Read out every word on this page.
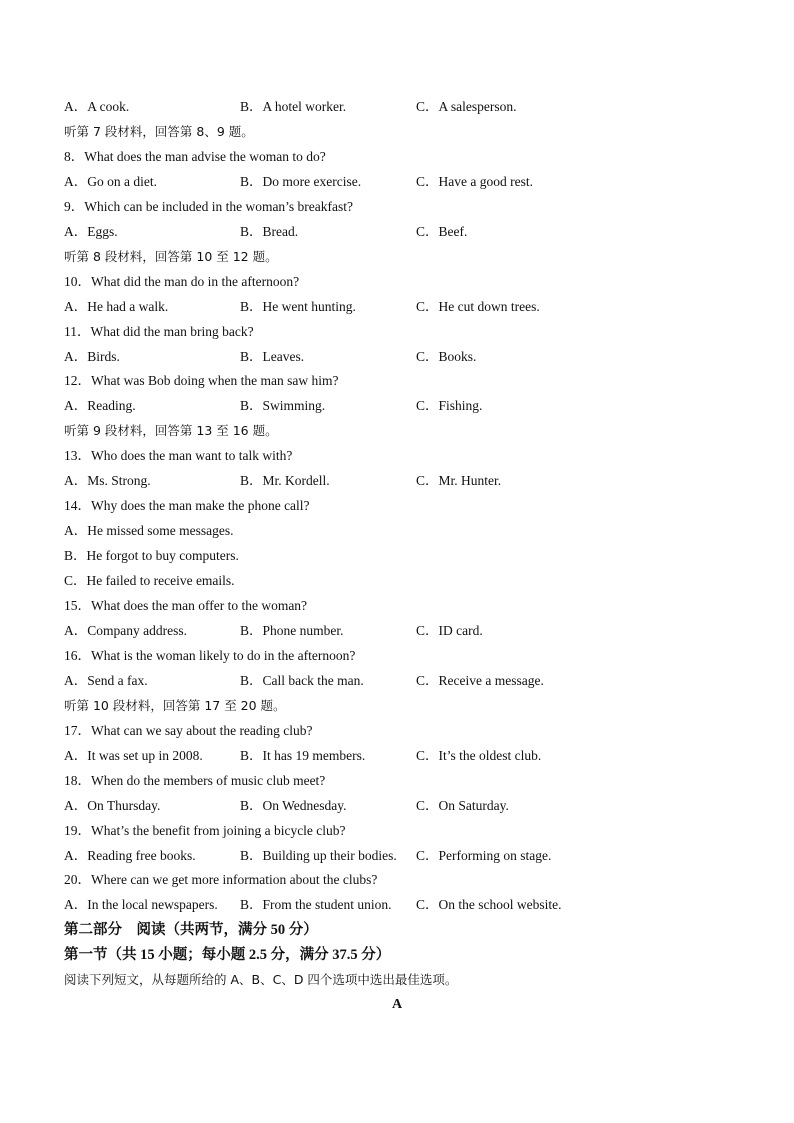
A．A cook.	B．A hotel worker.	C．A salesperson.
听第 7 段材料，回答第 8、9 题。
8．What does the man advise the woman to do?
A．Go on a diet.	B．Do more exercise.	C．Have a good rest.
9．Which can be included in the woman’s breakfast?
A．Eggs.	B．Bread.	C．Beef.
听第 8 段材料，回答第 10 至 12 题。
10．What did the man do in the afternoon?
A．He had a walk.	B．He went hunting.	C．He cut down trees.
11．What did the man bring back?
A．Birds.	B．Leaves.	C．Books.
12．What was Bob doing when the man saw him?
A．Reading.	B．Swimming.	C．Fishing.
听第 9 段材料，回答第 13 至 16 题。
13．Who does the man want to talk with?
A．Ms. Strong.	B．Mr. Kordell.	C．Mr. Hunter.
14．Why does the man make the phone call?
A．He missed some messages.
B．He forgot to buy computers.
C．He failed to receive emails.
15．What does the man offer to the woman?
A．Company address.	B．Phone number.	C．ID card.
16．What is the woman likely to do in the afternoon?
A．Send a fax.	B．Call back the man.	C．Receive a message.
听第 10 段材料，回答第 17 至 20 题。
17．What can we say about the reading club?
A．It was set up in 2008.	B．It has 19 members.	C．It’s the oldest club.
18．When do the members of music club meet?
A．On Thursday.	B．On Wednesday.	C．On Saturday.
19．What’s the benefit from joining a bicycle club?
A．Reading free books.	B．Building up their bodies. C．Performing on stage.
20．Where can we get more information about the clubs?
A．In the local newspapers. B．From the student union. C．On the school website.
第二部分　阅读（共两节，满分 50 分）
第一节（共 15 小题；每小题 2.5 分，满分 37.5 分）
阅读下列短文，从每题所给的 A、B、C、D 四个选项中选出最佳选项。
A
